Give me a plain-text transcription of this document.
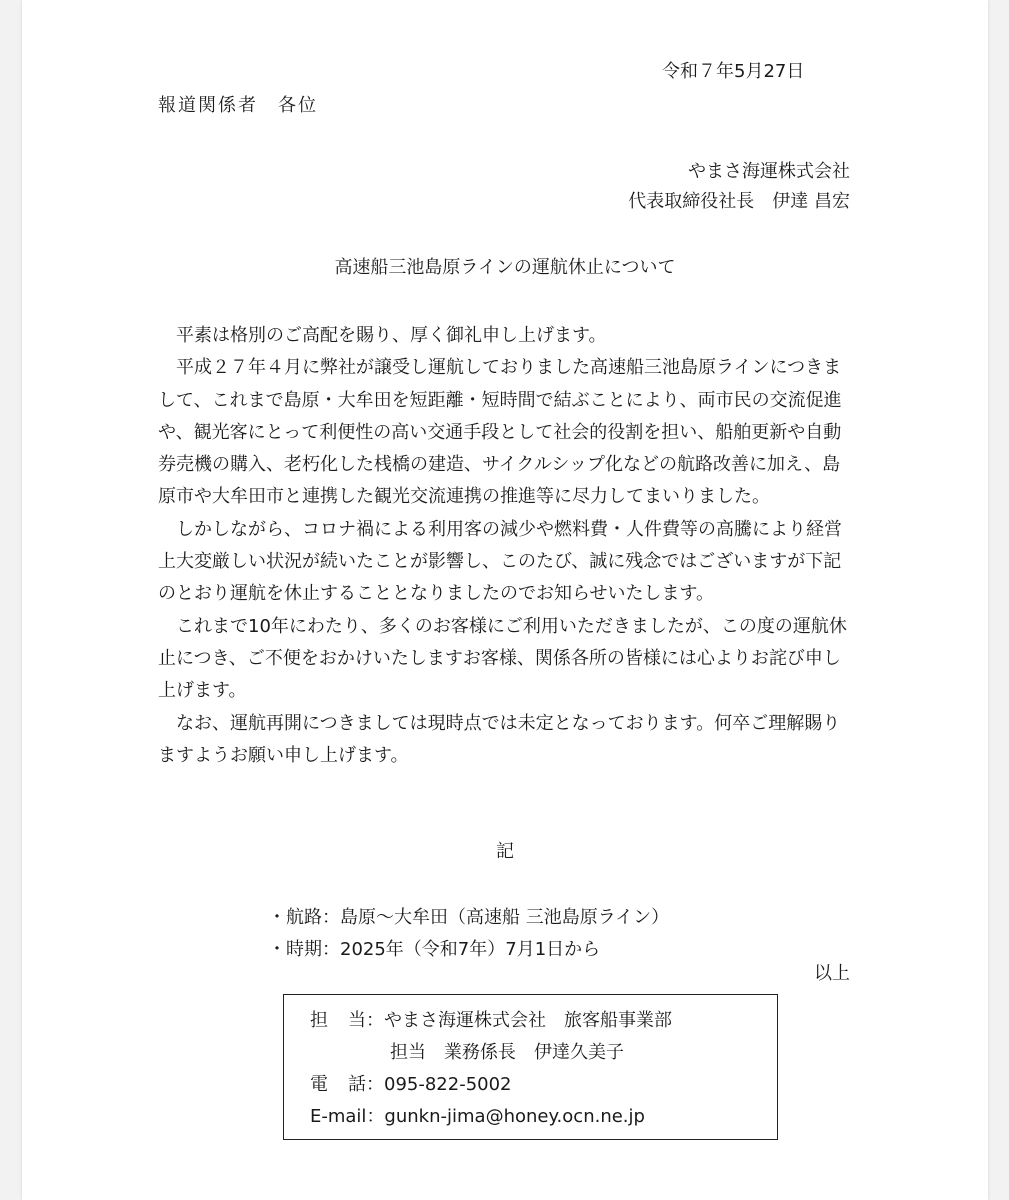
令和７年5月27日
報道関係者　各位
やまさ海運株式会社
代表取締役社長　伊達 昌宏
高速船三池島原ラインの運航休止について

平素は格別のご高配を賜り、厚く御礼申し上げます。

平成２７年４月に弊社が譲受し運航しておりました高速船三池島原ラインにつきまして、これまで島原・大牟田を短距離・短時間で結ぶことにより、両市民の交流促進や、観光客にとって利便性の高い交通手段として社会的役割を担い、船舶更新や自動券売機の購入、老朽化した桟橋の建造、サイクルシップ化などの航路改善に加え、島原市や大牟田市と連携した観光交流連携の推進等に尽力してまいりました。

しかしながら、コロナ禍による利用客の減少や燃料費・人件費等の高騰により経営上大変厳しい状況が続いたことが影響し、このたび、誠に残念ではございますが下記のとおり運航を休止することとなりましたのでお知らせいたします。

これまで10年にわたり、多くのお客様にご利用いただきましたが、この度の運航休止につき、ご不便をおかけいたしますお客様、関係各所の皆様には心よりお詫び申し上げます。

なお、運航再開につきましては現時点では未定となっております。何卒ご理解賜りますようお願い申し上げます。

記
・航路：島原～大牟田（高速船 三池島原ライン）
・時期：2025年（令和7年）7月1日から
以上
担　当：やまさ海運株式会社　旅客船事業部
担当　業務係長　伊達久美子
電　話：095-822-5002
E-mail：gunkn-jima@honey.ocn.ne.jp
